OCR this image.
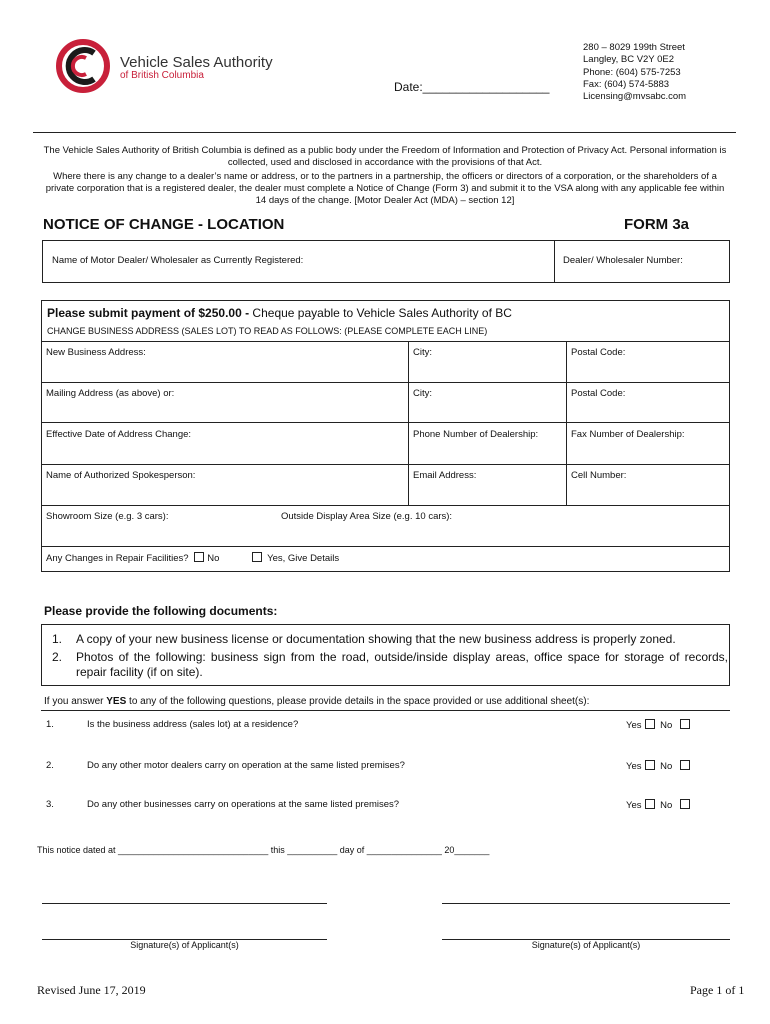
Vehicle Sales Authority
of British Columbia
Date:___________________
280 – 8029 199th Street
Langley, BC V2Y 0E2
Phone: (604) 575-7253
Fax: (604) 574-5883
Licensing@mvsabc.com
The Vehicle Sales Authority of British Columbia is defined as a public body under the Freedom of Information and Protection of Privacy Act. Personal information is collected, used and disclosed in accordance with the provisions of that Act.
Where there is any change to a dealer’s name or address, or to the partners in a partnership, the officers or directors of a corporation, or the shareholders of a private corporation that is a registered dealer, the dealer must complete a Notice of Change (Form 3) and submit it to the VSA along with any applicable fee within 14 days of the change. [Motor Dealer Act (MDA) – section 12]
NOTICE OF CHANGE - LOCATION	FORM 3a
Name of Motor Dealer/ Wholesaler as Currently Registered:	Dealer/ Wholesaler Number:
Please submit payment of $250.00 - Cheque payable to Vehicle Sales Authority of BC
CHANGE BUSINESS ADDRESS (SALES LOT) TO READ AS FOLLOWS: (PLEASE COMPLETE EACH LINE)
New Business Address:	City:	Postal Code:
Mailing Address (as above) or:	City:	Postal Code:
Effective Date of Address Change:	Phone Number of Dealership:	Fax Number of Dealership:
Name of Authorized Spokesperson:	Email Address:	Cell Number:
Showroom Size (e.g. 3 cars):	Outside Display Area Size (e.g. 10 cars):
Any Changes in Repair Facilities? No	Yes, Give Details
Please provide the following documents:
1. A copy of your new business license or documentation showing that the new business address is properly zoned.
2.	Photos of the following: business sign from the road, outside/inside display areas, office space for storage of records, repair facility (if on site).
If you answer YES to any of the following questions, please provide details in the space provided or use additional sheet(s):
1.	Is the business address (sales lot) at a residence?	Yes No
2.	Do any other motor dealers carry on operation at the same listed premises?	Yes No
3.	Do any other businesses carry on operations at the same listed premises?	Yes No
This notice dated at ______________________________ this __________ day of _______________ 20_______
Signature(s) of Applicant(s)	Signature(s) of Applicant(s)
Revised June 17, 2019	Page 1 of 1
